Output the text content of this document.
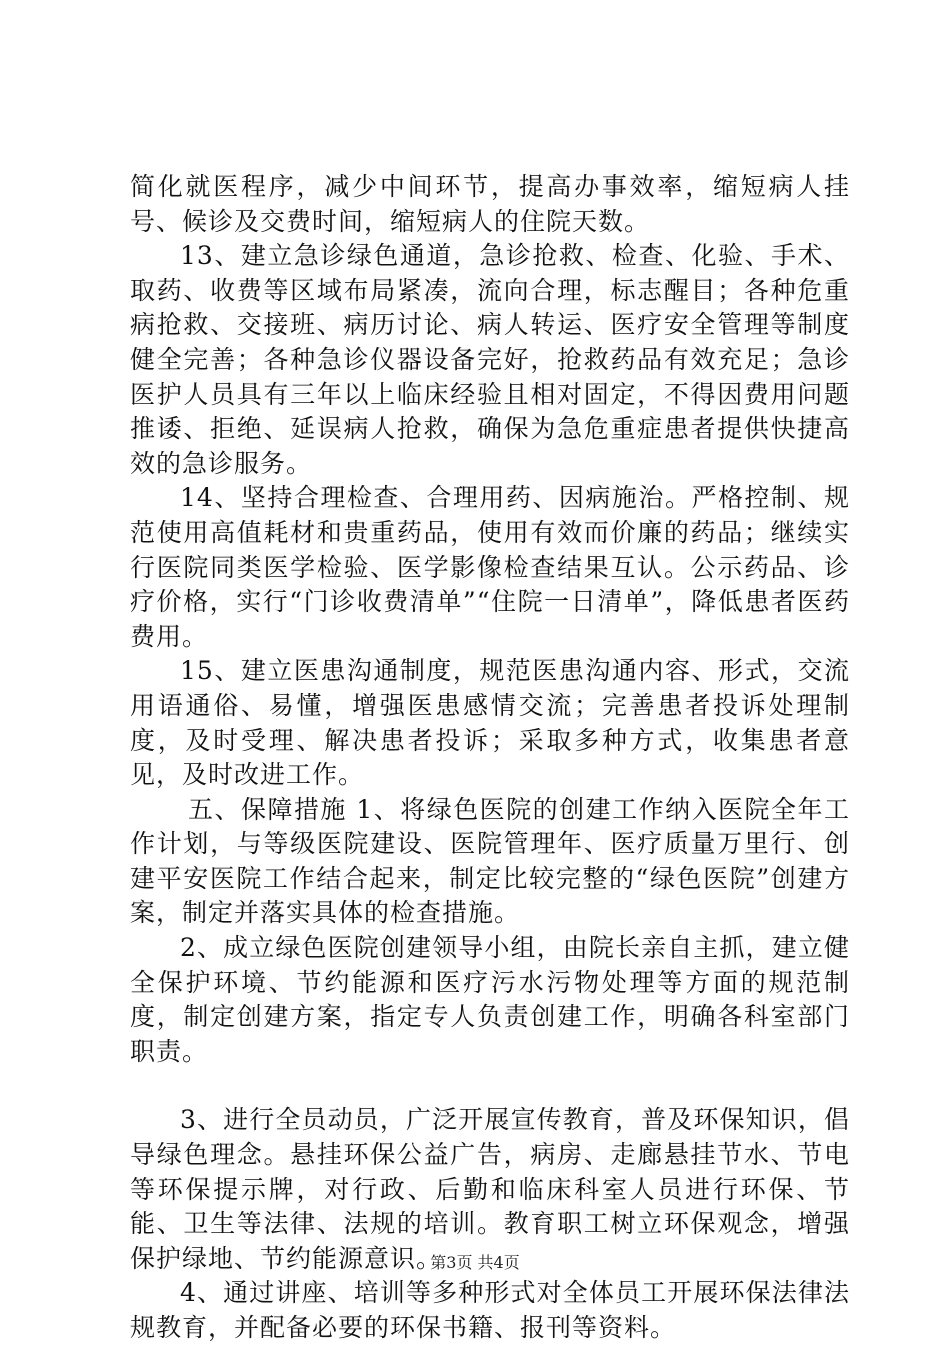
简化就医程序，减少中间环节，提高办事效率，缩短病人挂号、候诊及交费时间，缩短病人的住院天数。

13、建立急诊绿色通道，急诊抢救、检查、化验、手术、取药、收费等区域布局紧凑，流向合理，标志醒目；各种危重病抢救、交接班、病历讨论、病人转运、医疗安全管理等制度健全完善；各种急诊仪器设备完好，抢救药品有效充足；急诊医护人员具有三年以上临床经验且相对固定，不得因费用问题推诿、拒绝、延误病人抢救，确保为急危重症患者提供快捷高效的急诊服务。

14、坚持合理检查、合理用药、因病施治。严格控制、规范使用高值耗材和贵重药品，使用有效而价廉的药品；继续实行医院同类医学检验、医学影像检查结果互认。公示药品、诊疗价格，实行“门诊收费清单”“住院一日清单”，降低患者医药费用。

15、建立医患沟通制度，规范医患沟通内容、形式，交流用语通俗、易懂，增强医患感情交流；完善患者投诉处理制度，及时受理、解决患者投诉；采取多种方式，收集患者意见，及时改进工作。

五、保障措施 1、将绿色医院的创建工作纳入医院全年工作计划，与等级医院建设、医院管理年、医疗质量万里行、创建平安医院工作结合起来，制定比较完整的“绿色医院”创建方案，制定并落实具体的检查措施。

2、成立绿色医院创建领导小组，由院长亲自主抓，建立健全保护环境、节约能源和医疗污水污物处理等方面的规范制度，制定创建方案，指定专人负责创建工作，明确各科室部门职责。

3、进行全员动员，广泛开展宣传教育，普及环保知识，倡导绿色理念。悬挂环保公益广告，病房、走廊悬挂节水、节电等环保提示牌，对行政、后勤和临床科室人员进行环保、节能、卫生等法律、法规的培训。教育职工树立环保观念，增强保护绿地、节约能源意识。

4、通过讲座、培训等多种形式对全体员工开展环保法律法规教育，并配备必要的环保书籍、报刊等资料。

第3页 共4页
